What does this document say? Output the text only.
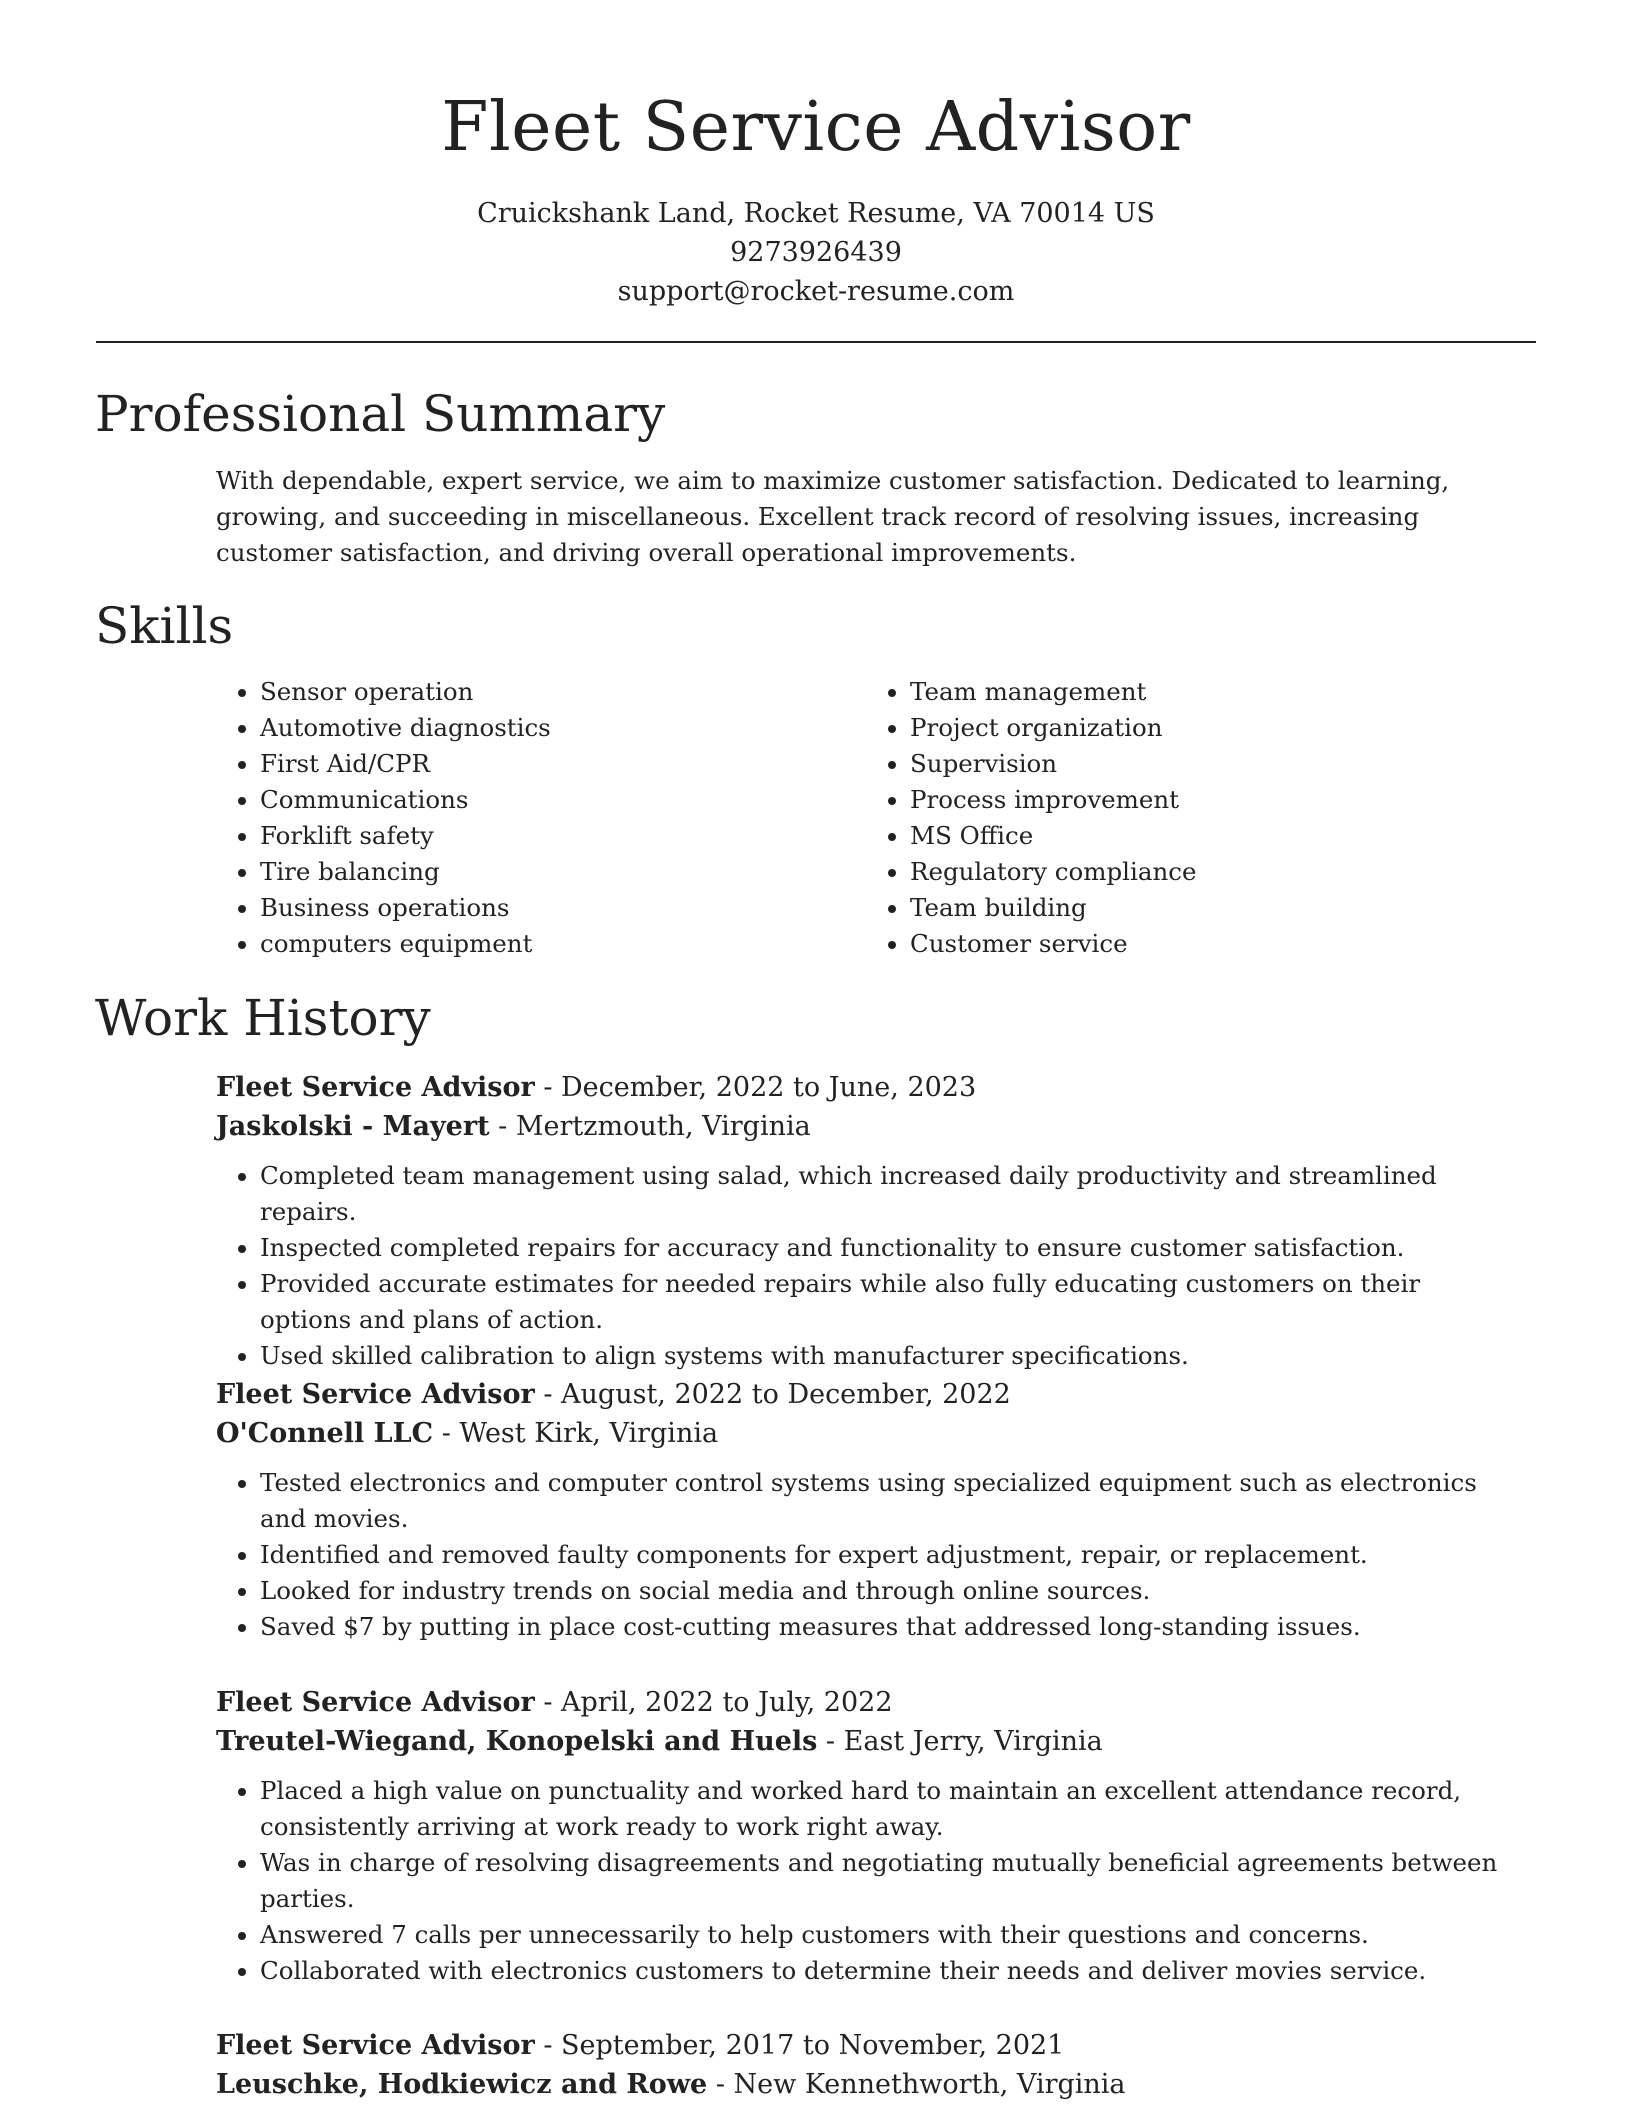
Fleet Service Advisor
Cruickshank Land, Rocket Resume, VA 70014 US
9273926439
support@rocket-resume.com
Professional Summary

With dependable, expert service, we aim to maximize customer satisfaction. Dedicated to learning, growing, and succeeding in miscellaneous. Excellent track record of resolving issues, increasing customer satisfaction, and driving overall operational improvements.

Skills
• Sensor operation
• Automotive diagnostics
• First Aid/CPR
• Communications
• Forklift safety
• Tire balancing
• Business operations
• computers equipment
• Team management
• Project organization
• Supervision
• Process improvement
• MS Office
• Regulatory compliance
• Team building
• Customer service
Work History

Fleet Service Advisor - December, 2022 to June, 2023

Jaskolski - Mayert - Mertzmouth, Virginia

• Completed team management using salad, which increased daily productivity and streamlined repairs.
• Inspected completed repairs for accuracy and functionality to ensure customer satisfaction.
• Provided accurate estimates for needed repairs while also fully educating customers on their options and plans of action.
• Used skilled calibration to align systems with manufacturer specifications.

Fleet Service Advisor - August, 2022 to December, 2022

O'Connell LLC - West Kirk, Virginia

• Tested electronics and computer control systems using specialized equipment such as electronics and movies.
• Identified and removed faulty components for expert adjustment, repair, or replacement.
• Looked for industry trends on social media and through online sources.
• Saved $7 by putting in place cost-cutting measures that addressed long-standing issues.

Fleet Service Advisor - April, 2022 to July, 2022

Treutel-Wiegand, Konopelski and Huels - East Jerry, Virginia

• Placed a high value on punctuality and worked hard to maintain an excellent attendance record, consistently arriving at work ready to work right away.
• Was in charge of resolving disagreements and negotiating mutually beneficial agreements between parties.
• Answered 7 calls per unnecessarily to help customers with their questions and concerns.
• Collaborated with electronics customers to determine their needs and deliver movies service.

Fleet Service Advisor - September, 2017 to November, 2021

Leuschke, Hodkiewicz and Rowe - New Kennethworth, Virginia
